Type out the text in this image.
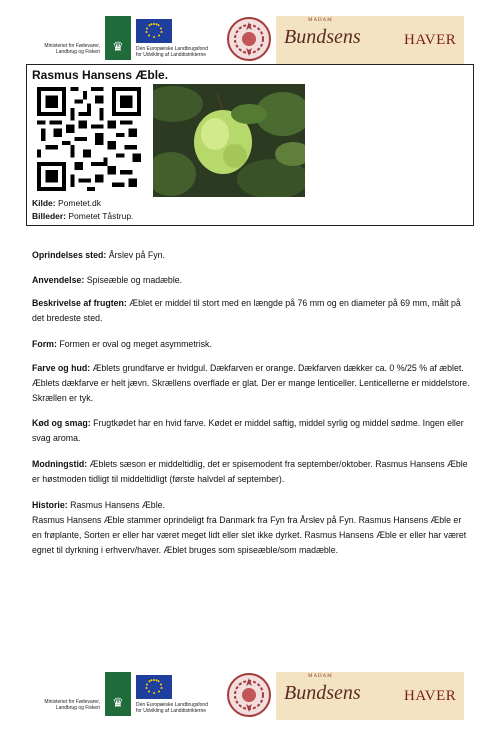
Ministeriet for Fødevarer,
Landbrug og Fiskeri ♛	Den Europæiske Landbrugsfond
for Udvikling af Landdistrikterne
MADAM
Bundsens	HAVER
Rasmus Hansens Æble.
Kilde: Pometet.dk
Billeder: Pometet Tåstrup.
Oprindelses sted: Årslev på Fyn.
Anvendelse: Spiseæble og madæble.
Beskrivelse af frugten: Æblet er middel til stort med en længde på 76 mm og en diameter på 69 mm, målt på det bredeste sted.
Form: Formen er oval og meget asymmetrisk.
Farve og hud: Æblets grundfarve er hvidgul. Dækfarven er orange. Dækfarven dækker ca. 0 %/25 % af æblet. Æblets dækfarve er helt jævn. Skrællens overflade er glat. Der er mange lenticeller. Lenticellerne er middelstore. Skrællen er tyk.
Kød og smag: Frugtkødet har en hvid farve. Kødet er middel saftig, middel syrlig og middel sødme. Ingen eller svag aroma.
Modningstid: Æblets sæson er middeltidlig, det er spisemodent fra september/oktober. Rasmus Hansens Æble er høstmoden tidligt til middeltidligt (første halvdel af september).
Historie: Rasmus Hansens Æble.
Rasmus Hansens Æble stammer oprindeligt fra Danmark fra Fyn fra Årslev på Fyn. Rasmus Hansens Æble er en frøplante, Sorten er eller har været meget lidt eller slet ikke dyrket. Rasmus Hansens Æble er eller har været egnet til dyrkning i erhverv/haver. Æblet bruges som spiseæble/som madæble.
Ministeriet for Fødevarer,
Landbrug og Fiskeri ♛	Den Europæiske Landbrugsfond
for Udvikling af Landdistrikterne
MADAM
Bundsens	HAVER
